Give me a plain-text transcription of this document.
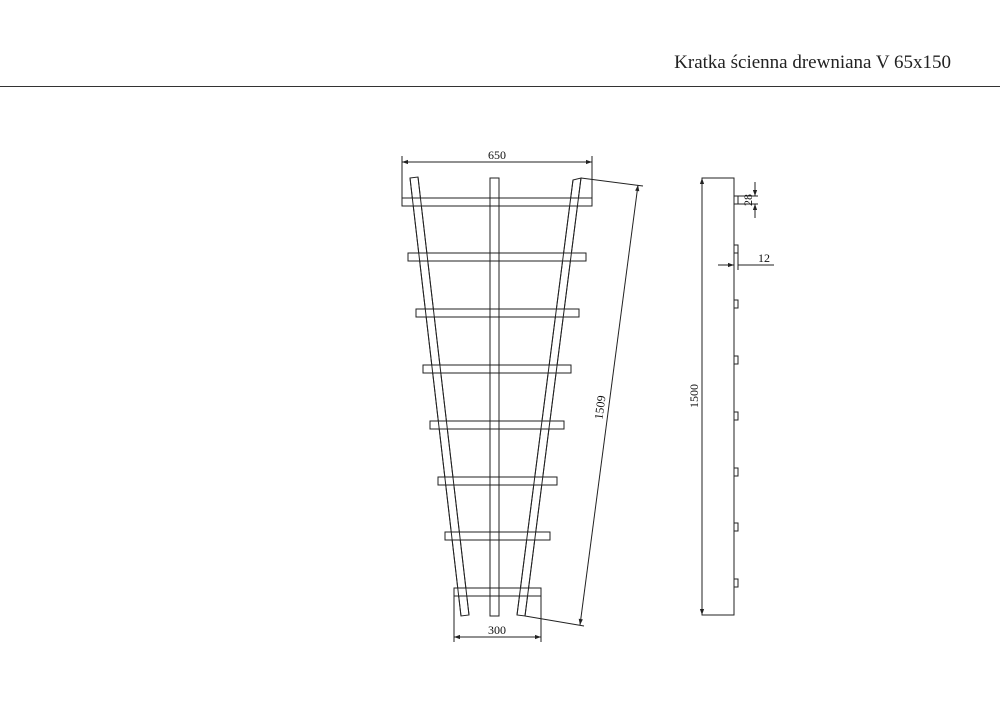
Kratka ścienna drewniana V 65x150
650
300
1509	1500
28
12
